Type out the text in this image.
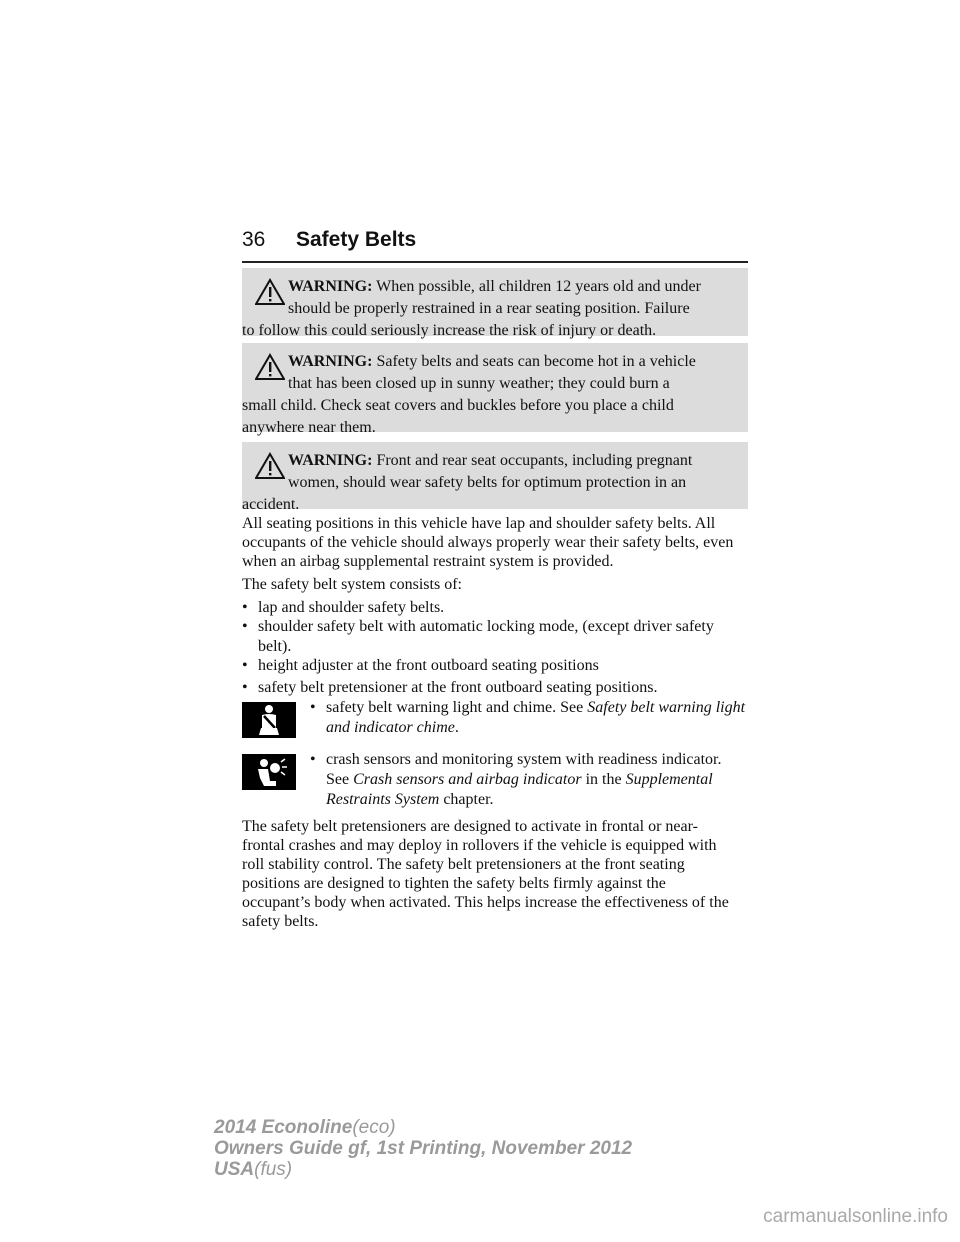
36 Safety Belts
WARNING: When possible, all children 12 years old and under
should be properly restrained in a rear seating position. Failure
to follow this could seriously increase the risk of injury or death.
WARNING: Safety belts and seats can become hot in a vehicle
that has been closed up in sunny weather; they could burn a
small child. Check seat covers and buckles before you place a child anywhere near them.
WARNING: Front and rear seat occupants, including pregnant
women, should wear safety belts for optimum protection in an
accident.
All seating positions in this vehicle have lap and shoulder safety belts. All occupants of the vehicle should always properly wear their safety belts, even when an airbag supplemental restraint system is provided.
The safety belt system consists of:
• lap and shoulder safety belts.
• shoulder safety belt with automatic locking mode, (except driver safety belt).
• height adjuster at the front outboard seating positions
• safety belt pretensioner at the front outboard seating positions.
• safety belt warning light and chime. See Safety belt warning light and indicator chime.
• crash sensors and monitoring system with readiness indicator. See Crash sensors and airbag indicator in the Supplemental Restraints System chapter.
The safety belt pretensioners are designed to activate in frontal or near-frontal crashes and may deploy in rollovers if the vehicle is equipped with roll stability control. The safety belt pretensioners at the front seating positions are designed to tighten the safety belts firmly against the occupant’s body when activated. This helps increase the effectiveness of the safety belts.
2014 Econoline(eco)
Owners Guide gf, 1st Printing, November 2012
USA(fus)
carmanualsonline.info
